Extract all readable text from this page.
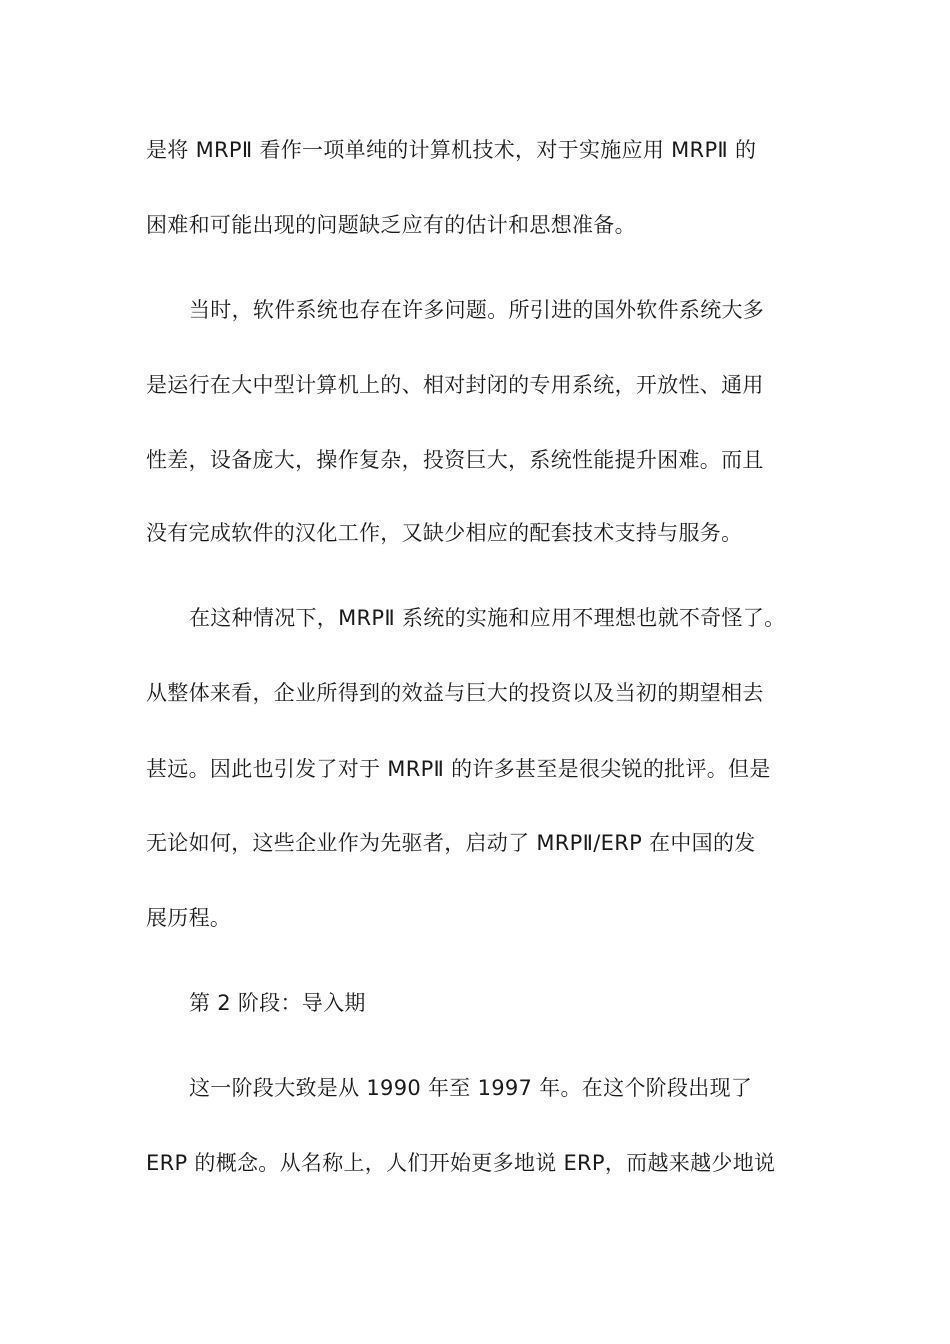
是将 MRPⅡ 看作一项单纯的计算机技术，对于实施应用 MRPⅡ 的
困难和可能出现的问题缺乏应有的估计和思想准备。
当时，软件系统也存在许多问题。所引进的国外软件系统大多
是运行在大中型计算机上的、相对封闭的专用系统，开放性、通用
性差，设备庞大，操作复杂，投资巨大，系统性能提升困难。而且
没有完成软件的汉化工作，又缺少相应的配套技术支持与服务。
在这种情况下，MRPⅡ 系统的实施和应用不理想也就不奇怪了。
从整体来看，企业所得到的效益与巨大的投资以及当初的期望相去
甚远。因此也引发了对于 MRPⅡ 的许多甚至是很尖锐的批评。但是
无论如何，这些企业作为先驱者，启动了 MRPⅡ/ERP 在中国的发
展历程。
第 2 阶段：导入期
这一阶段大致是从 1990 年至 1997 年。在这个阶段出现了
ERP 的概念。从名称上，人们开始更多地说 ERP，而越来越少地说
